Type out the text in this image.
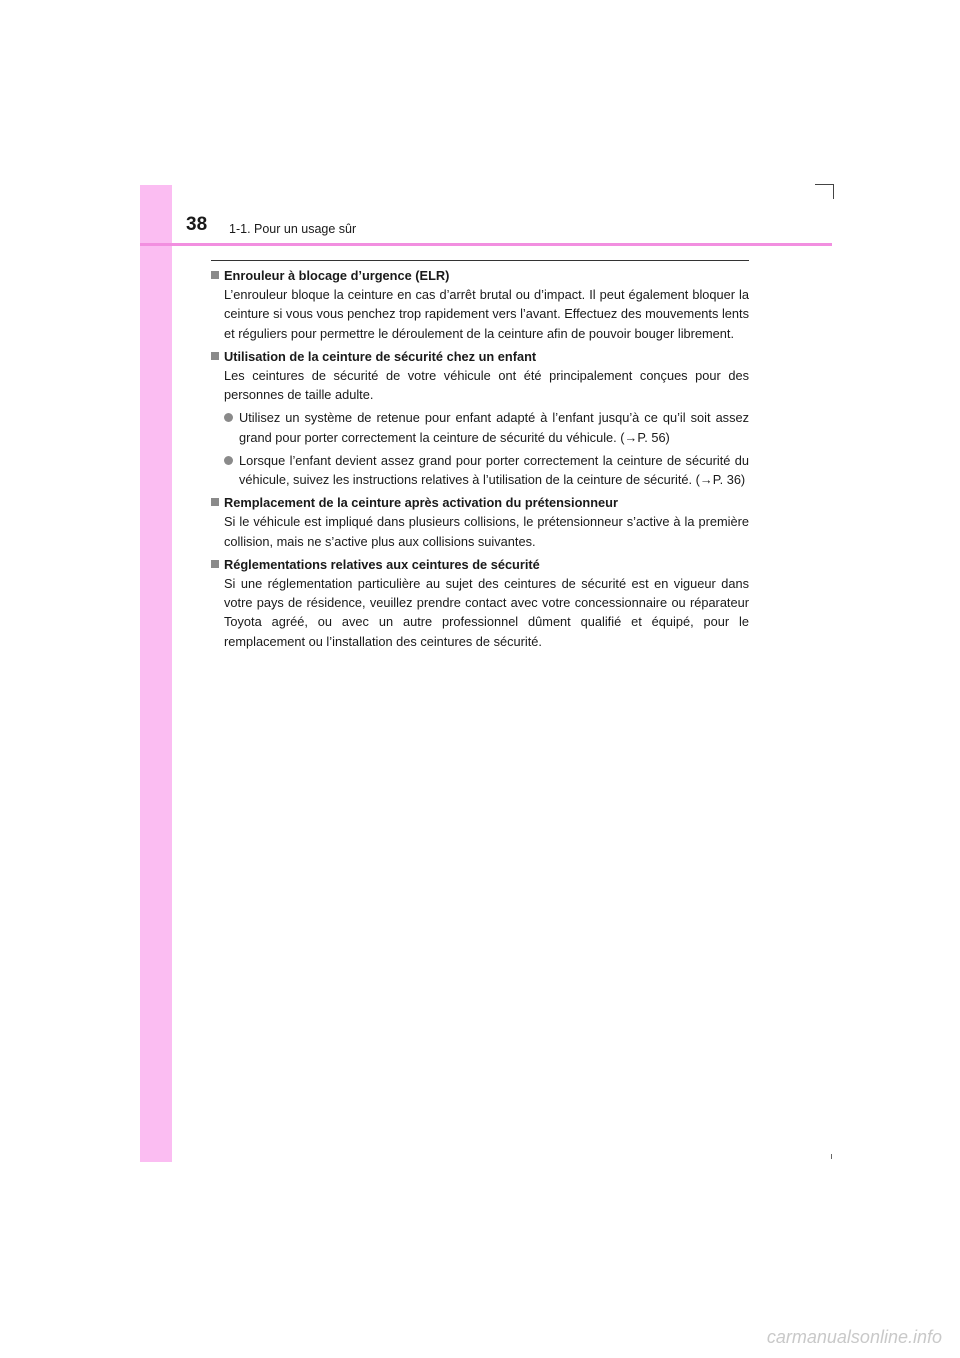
38 1-1. Pour un usage sûr
Enrouleur à blocage d’urgence (ELR)
L’enrouleur bloque la ceinture en cas d’arrêt brutal ou d’impact. Il peut également bloquer la ceinture si vous vous penchez trop rapidement vers l’avant. Effectuez des mouvements lents et réguliers pour permettre le déroulement de la ceinture afin de pouvoir bouger librement.
Utilisation de la ceinture de sécurité chez un enfant
Les ceintures de sécurité de votre véhicule ont été principalement conçues pour des personnes de taille adulte.
Utilisez un système de retenue pour enfant adapté à l’enfant jusqu’à ce qu’il soit assez grand pour porter correctement la ceinture de sécurité du véhicule. (→P. 56)
Lorsque l’enfant devient assez grand pour porter correctement la ceinture de sécurité du véhicule, suivez les instructions relatives à l’utilisation de la ceinture de sécurité. (→P. 36)
Remplacement de la ceinture après activation du prétensionneur
Si le véhicule est impliqué dans plusieurs collisions, le prétensionneur s’active à la première collision, mais ne s’active plus aux collisions suivantes.
Réglementations relatives aux ceintures de sécurité
Si une réglementation particulière au sujet des ceintures de sécurité est en vigueur dans votre pays de résidence, veuillez prendre contact avec votre concessionnaire ou réparateur Toyota agréé, ou avec un autre professionnel dûment qualifié et équipé, pour le remplacement ou l’installation des ceintures de sécurité.
carmanualsonline.info
